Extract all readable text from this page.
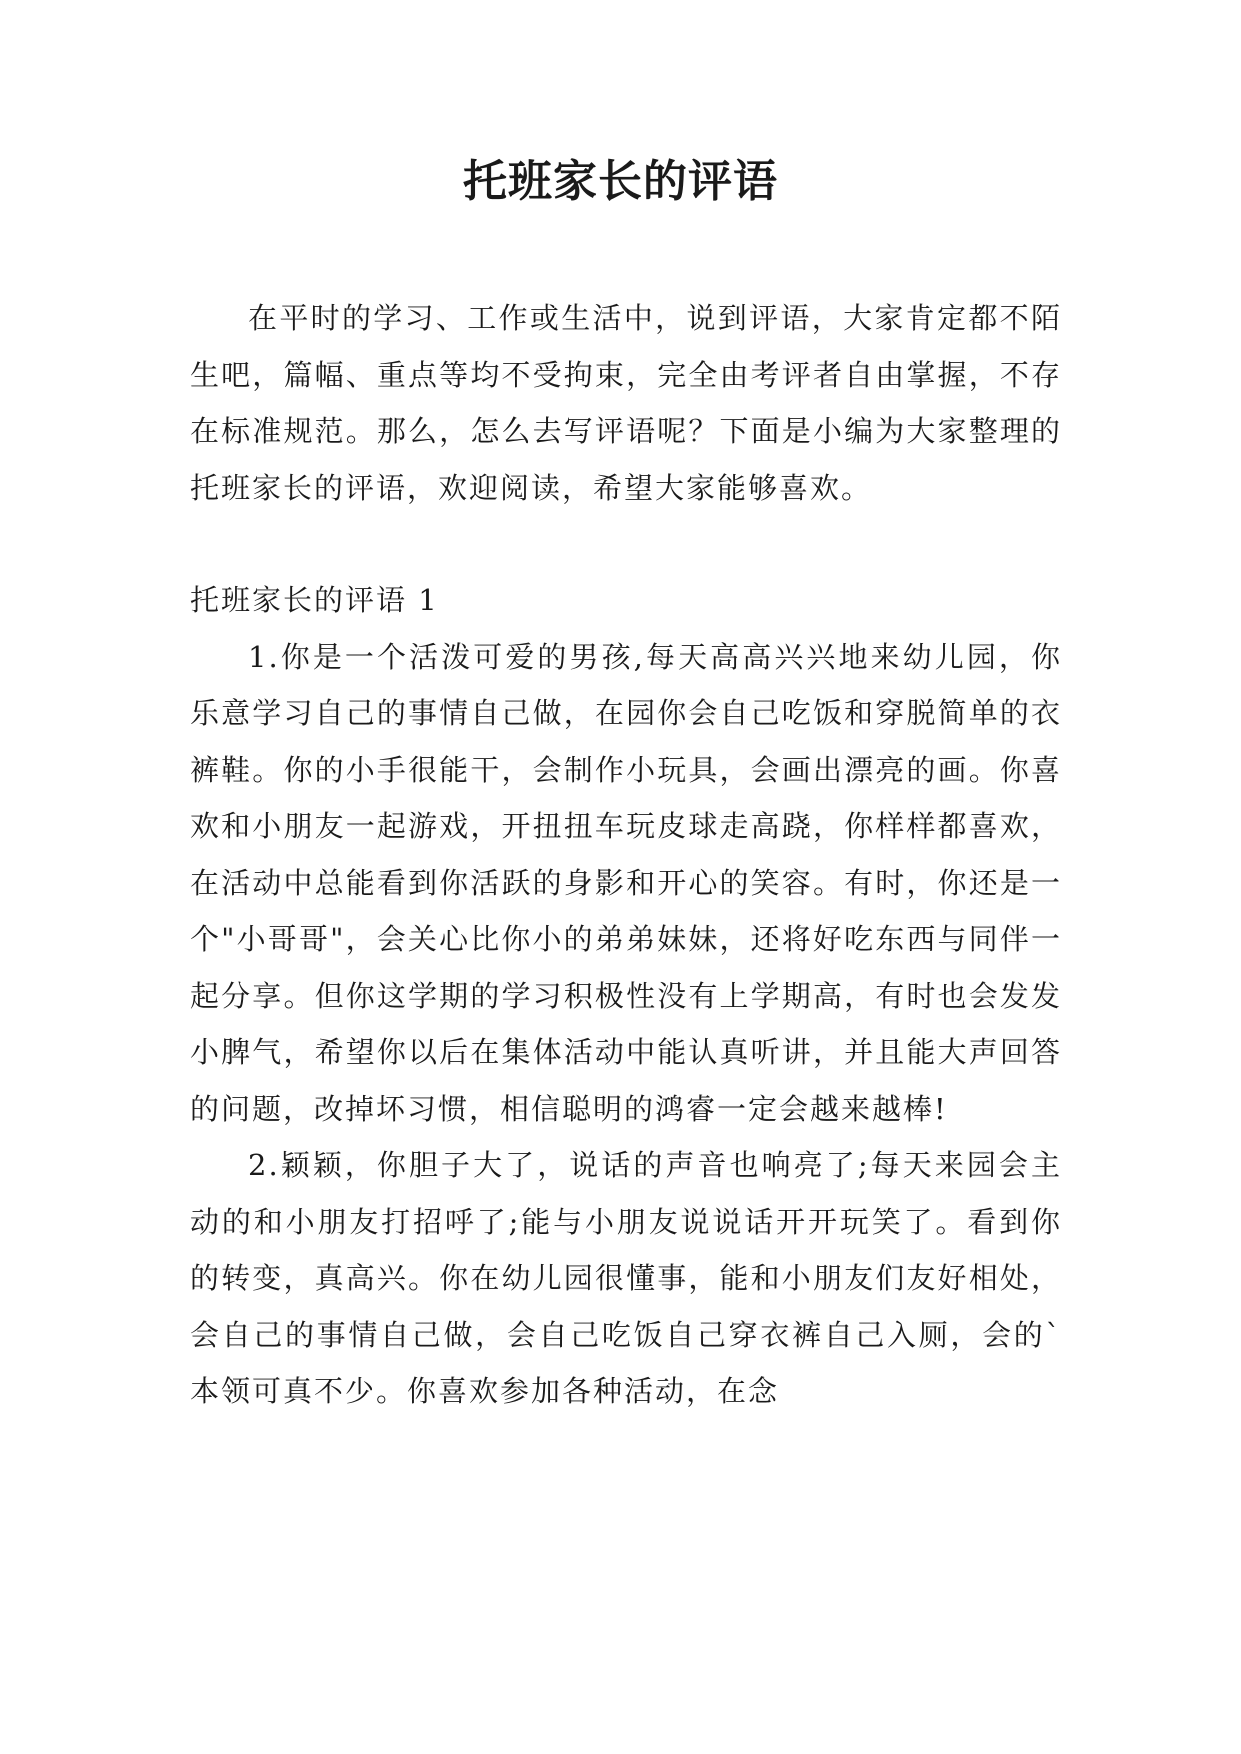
托班家长的评语

在平时的学习、工作或生活中，说到评语，大家肯定都不陌生吧，篇幅、重点等均不受拘束，完全由考评者自由掌握，不存在标准规范。那么，怎么去写评语呢？下面是小编为大家整理的托班家长的评语，欢迎阅读，希望大家能够喜欢。

托班家长的评语 1

1.你是一个活泼可爱的男孩,每天高高兴兴地来幼儿园，你乐意学习自己的事情自己做，在园你会自己吃饭和穿脱简单的衣裤鞋。你的小手很能干，会制作小玩具，会画出漂亮的画。你喜欢和小朋友一起游戏，开扭扭车玩皮球走高跷，你样样都喜欢，在活动中总能看到你活跃的身影和开心的笑容。有时，你还是一个"小哥哥"，会关心比你小的弟弟妹妹，还将好吃东西与同伴一起分享。但你这学期的学习积极性没有上学期高，有时也会发发小脾气，希望你以后在集体活动中能认真听讲，并且能大声回答的问题，改掉坏习惯，相信聪明的鸿睿一定会越来越棒!

2.颖颖，你胆子大了，说话的声音也响亮了;每天来园会主动的和小朋友打招呼了;能与小朋友说说话开开玩笑了。看到你的转变，真高兴。你在幼儿园很懂事，能和小朋友们友好相处，会自己的事情自己做，会自己吃饭自己穿衣裤自己入厕，会的`本领可真不少。你喜欢参加各种活动，在念
